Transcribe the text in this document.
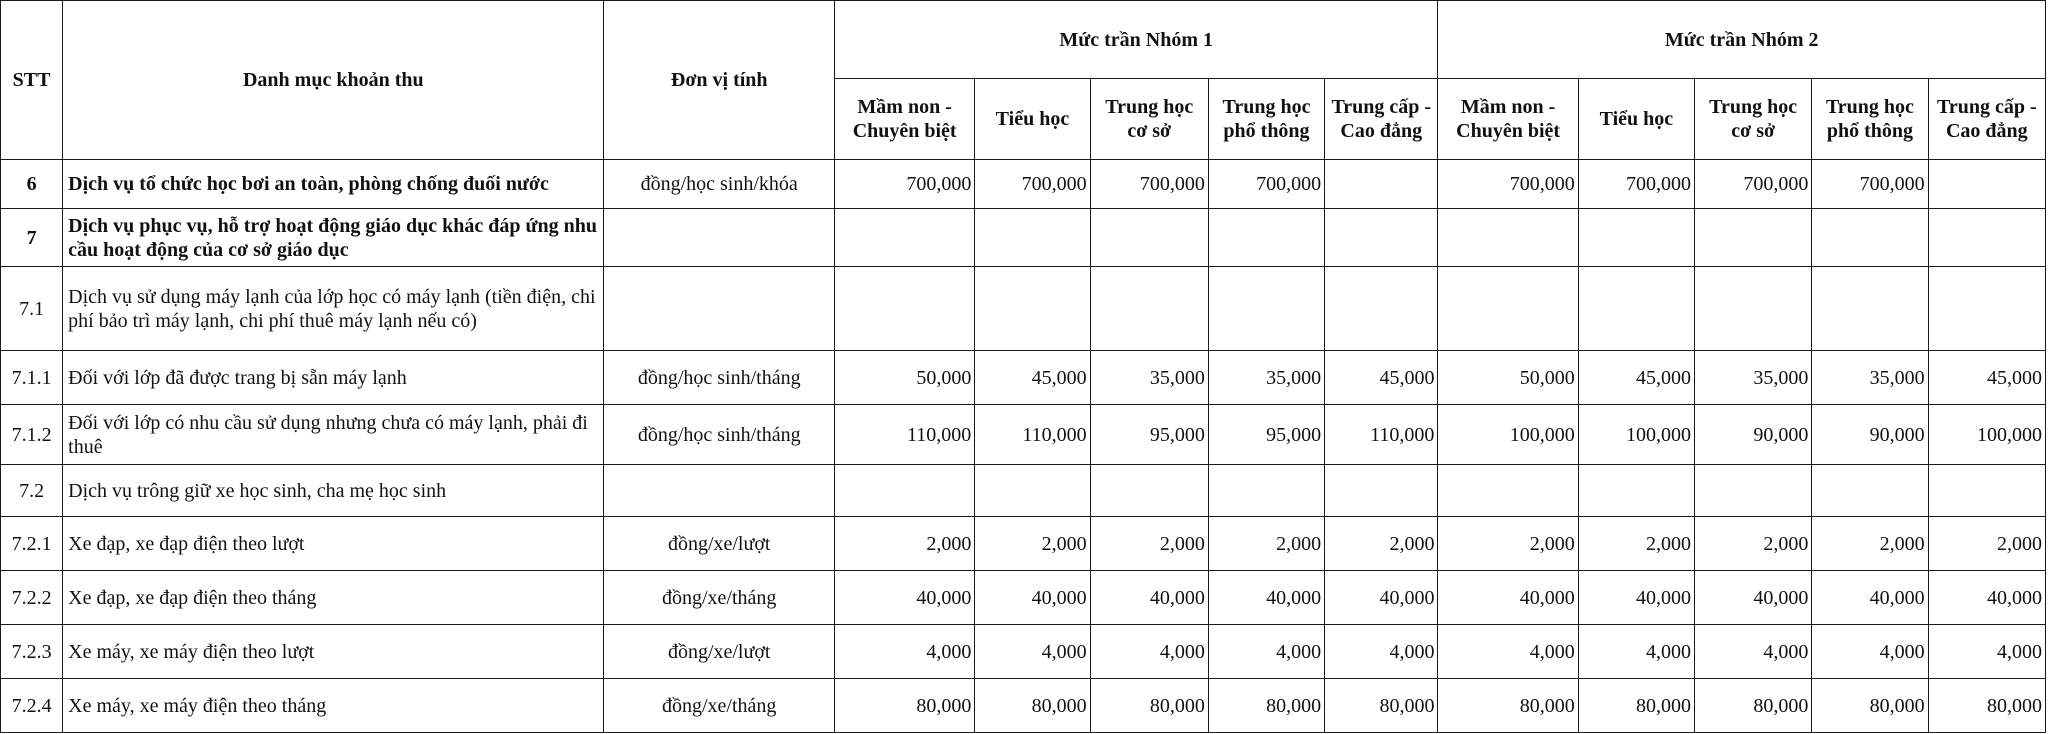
STT	Danh mục khoản thu	Đơn vị tính	Mức trần Nhóm 1					Mức trần Nhóm 2				
			Mầm non - Chuyên biệt	Tiểu học	Trung học cơ sở	Trung học phổ thông	Trung cấp - Cao đẳng	Mầm non - Chuyên biệt	Tiểu học	Trung học cơ sở	Trung học phổ thông	Trung cấp - Cao đẳng
6	Dịch vụ tổ chức học bơi an toàn, phòng chống đuối nước	đồng/học sinh/khóa	700,000	700,000	700,000	700,000		700,000	700,000	700,000	700,000	
7	Dịch vụ phục vụ, hỗ trợ hoạt động giáo dục khác đáp ứng nhu cầu hoạt động của cơ sở giáo dục											
7.1	Dịch vụ sử dụng máy lạnh của lớp học có máy lạnh (tiền điện, chi phí bảo trì máy lạnh, chi phí thuê máy lạnh nếu có)											
7.1.1	Đối với lớp đã được trang bị sẵn máy lạnh	đồng/học sinh/tháng	50,000	45,000	35,000	35,000	45,000	50,000	45,000	35,000	35,000	45,000
7.1.2	Đối với lớp có nhu cầu sử dụng nhưng chưa có máy lạnh, phải đi thuê	đồng/học sinh/tháng	110,000	110,000	95,000	95,000	110,000	100,000	100,000	90,000	90,000	100,000
7.2	Dịch vụ trông giữ xe học sinh, cha mẹ học sinh											
7.2.1	Xe đạp, xe đạp điện theo lượt	đồng/xe/lượt	2,000	2,000	2,000	2,000	2,000	2,000	2,000	2,000	2,000	2,000
7.2.2	Xe đạp, xe đạp điện theo tháng	đồng/xe/tháng	40,000	40,000	40,000	40,000	40,000	40,000	40,000	40,000	40,000	40,000
7.2.3	Xe máy, xe máy điện theo lượt	đồng/xe/lượt	4,000	4,000	4,000	4,000	4,000	4,000	4,000	4,000	4,000	4,000
7.2.4	Xe máy, xe máy điện theo tháng	đồng/xe/tháng	80,000	80,000	80,000	80,000	80,000	80,000	80,000	80,000	80,000	80,000
